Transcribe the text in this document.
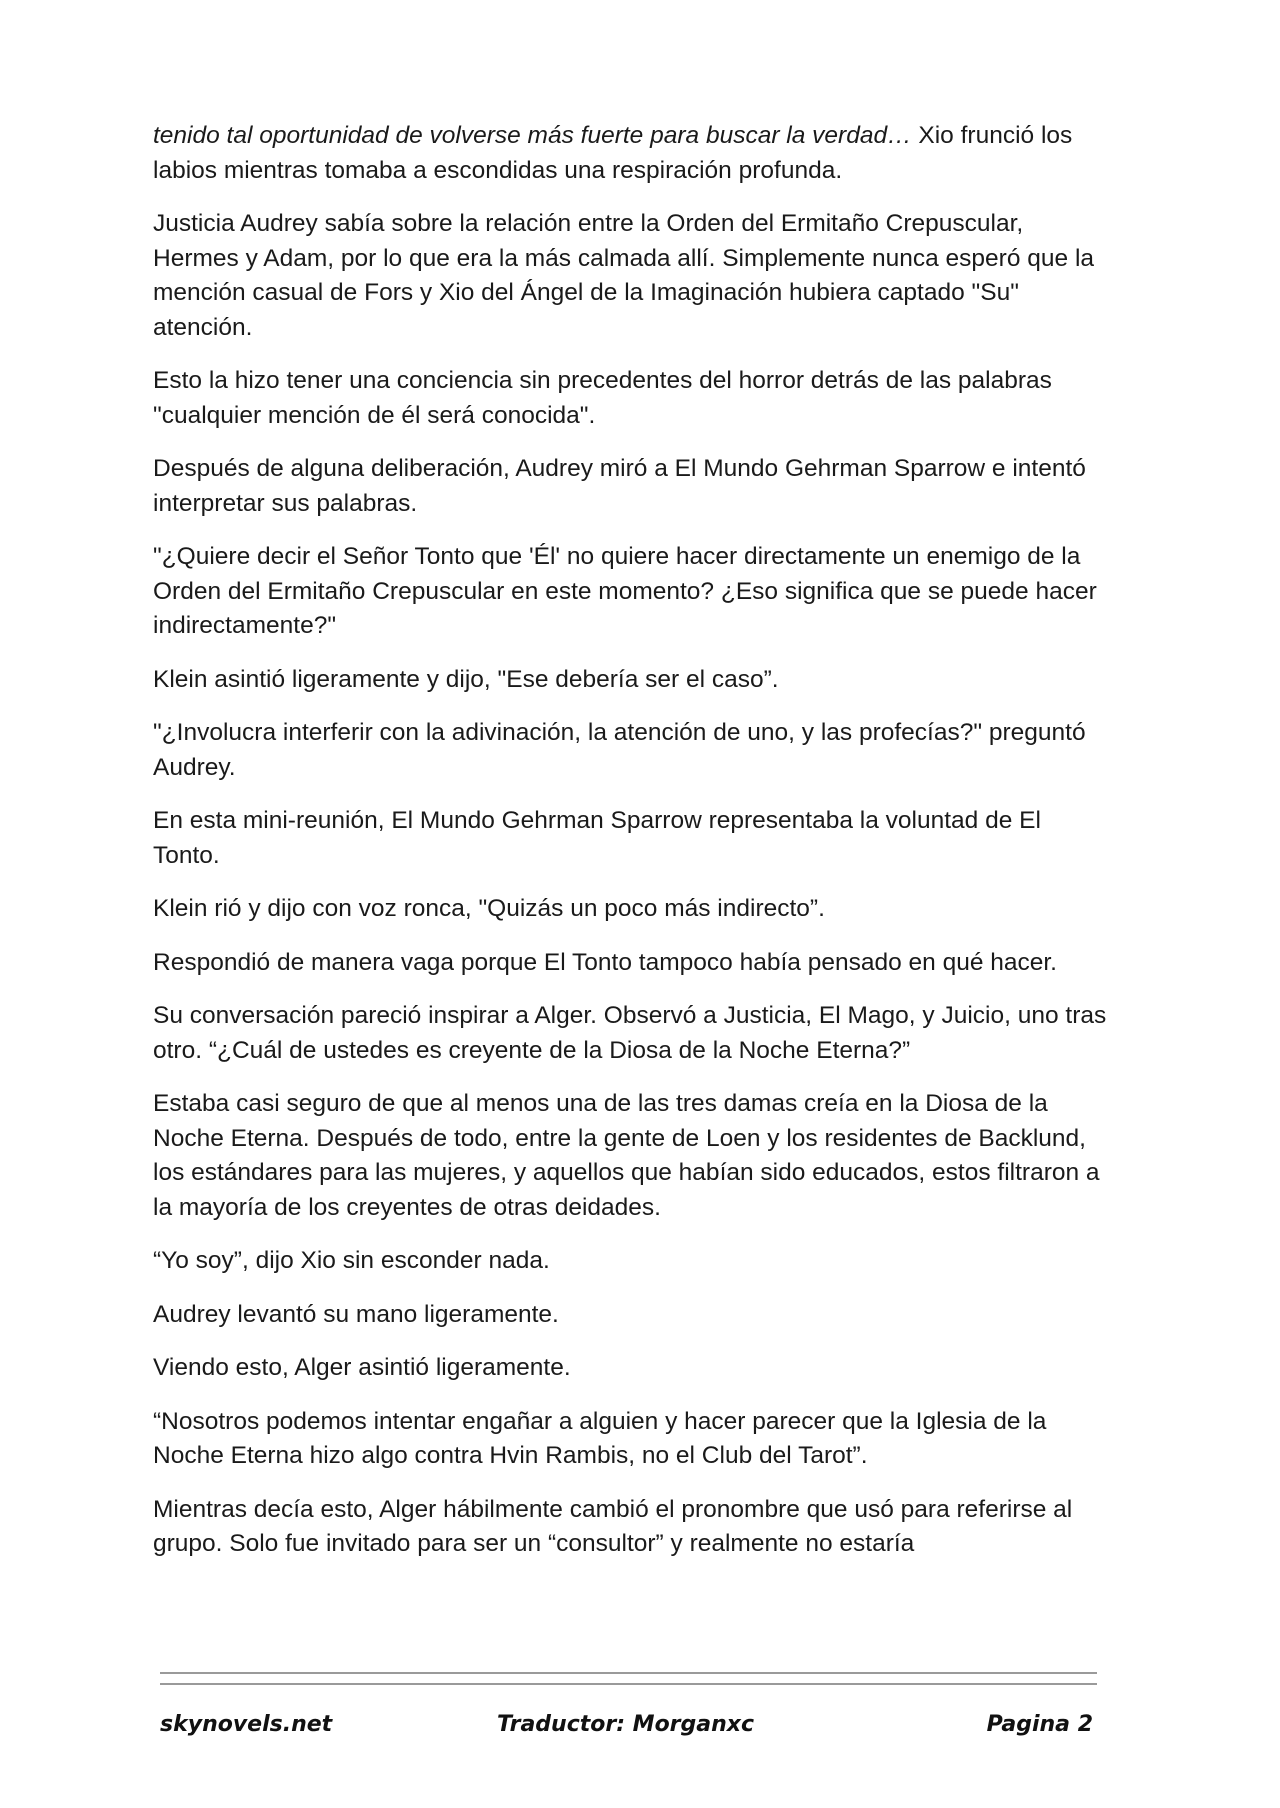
tenido tal oportunidad de volverse más fuerte para buscar la verdad… Xio frunció los labios mientras tomaba a escondidas una respiración profunda.

Justicia Audrey sabía sobre la relación entre la Orden del Ermitaño Crepuscular, Hermes y Adam, por lo que era la más calmada allí. Simplemente nunca esperó que la mención casual de Fors y Xio del Ángel de la Imaginación hubiera captado "Su" atención.

Esto la hizo tener una conciencia sin precedentes del horror detrás de las palabras "cualquier mención de él será conocida".

Después de alguna deliberación, Audrey miró a El Mundo Gehrman Sparrow e intentó interpretar sus palabras.

"¿Quiere decir el Señor Tonto que 'Él' no quiere hacer directamente un enemigo de la Orden del Ermitaño Crepuscular en este momento? ¿Eso significa que se puede hacer indirectamente?"

Klein asintió ligeramente y dijo, "Ese debería ser el caso”.

"¿Involucra interferir con la adivinación, la atención de uno, y las profecías?" preguntó Audrey.

En esta mini-reunión, El Mundo Gehrman Sparrow representaba la voluntad de El Tonto.

Klein rió y dijo con voz ronca, "Quizás un poco más indirecto”.

Respondió de manera vaga porque El Tonto tampoco había pensado en qué hacer.

Su conversación pareció inspirar a Alger. Observó a Justicia, El Mago, y Juicio, uno tras otro. “¿Cuál de ustedes es creyente de la Diosa de la Noche Eterna?”

Estaba casi seguro de que al menos una de las tres damas creía en la Diosa de la Noche Eterna. Después de todo, entre la gente de Loen y los residentes de Backlund, los estándares para las mujeres, y aquellos que habían sido educados, estos filtraron a la mayoría de los creyentes de otras deidades.

“Yo soy”, dijo Xio sin esconder nada.

Audrey levantó su mano ligeramente.

Viendo esto, Alger asintió ligeramente.

“Nosotros podemos intentar engañar a alguien y hacer parecer que la Iglesia de la Noche Eterna hizo algo contra Hvin Rambis, no el Club del Tarot”.

Mientras decía esto, Alger hábilmente cambió el pronombre que usó para referirse al grupo. Solo fue invitado para ser un “consultor” y realmente no estaría

skynovels.net	Traductor: Morganxc	Pagina 2
